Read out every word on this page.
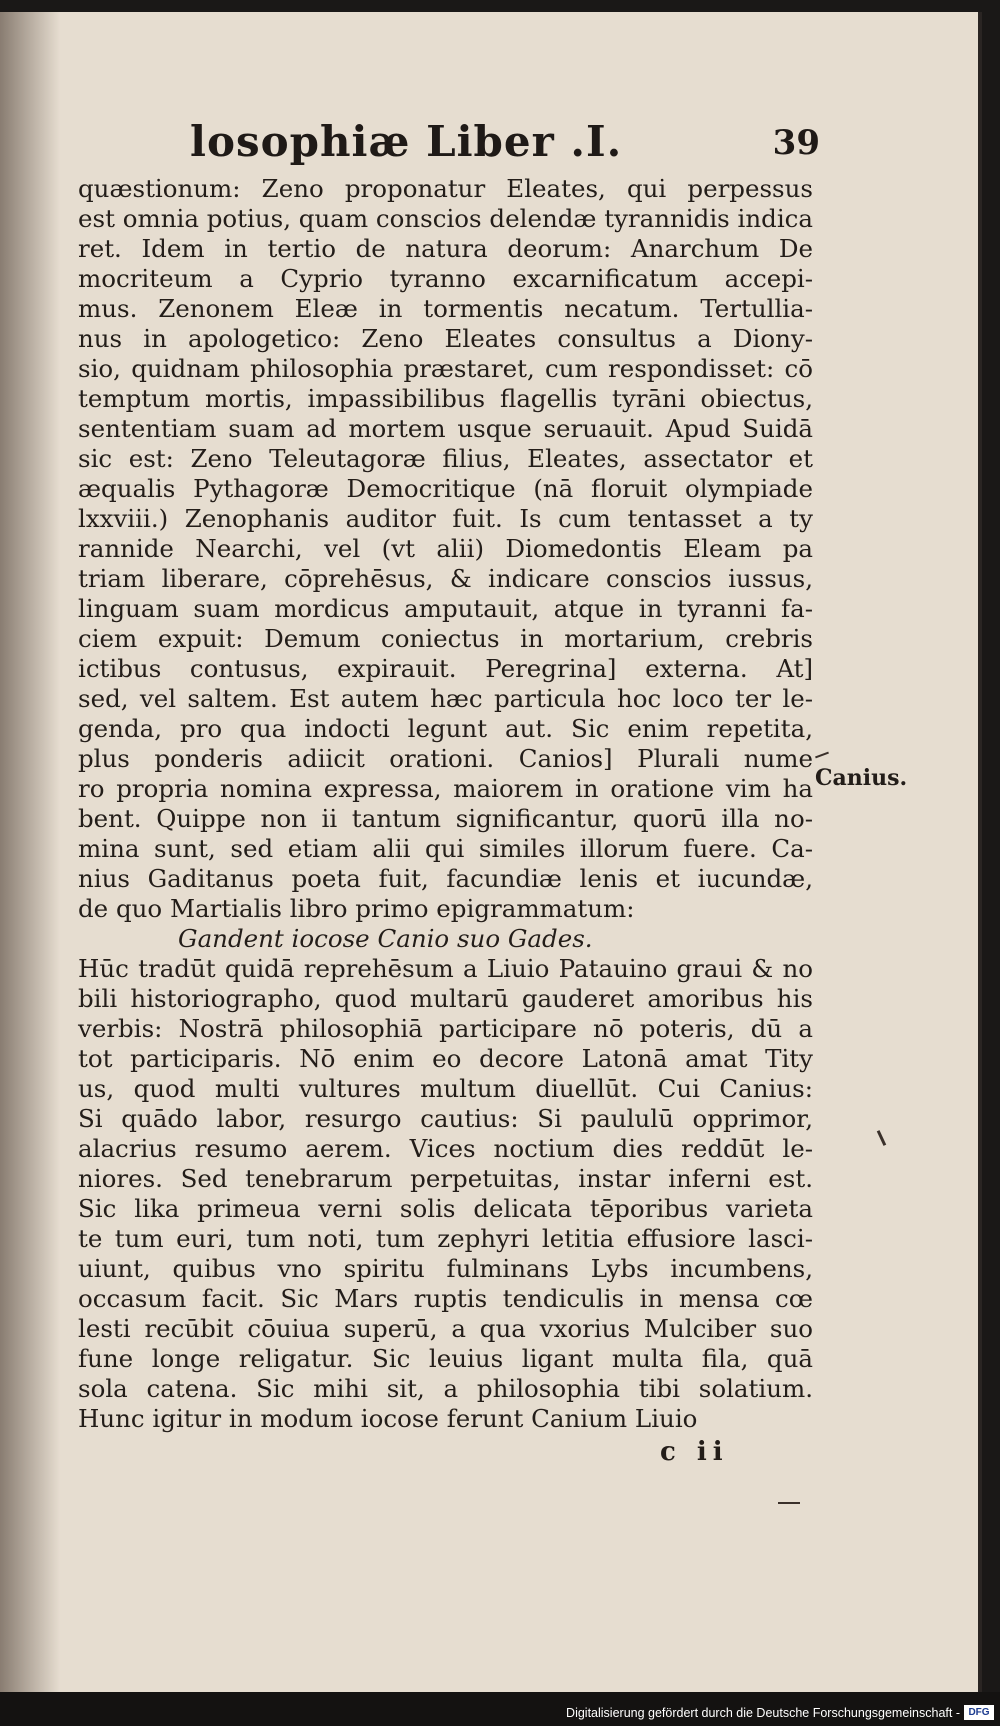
losophiæ Liber .I.	39
quæstionum: Zeno proponatur Eleates, qui perpessus
est omnia potius, quam conscios delendæ tyrannidis indica
ret. Idem in tertio de natura deorum: Anarchum De
mocriteum a Cyprio tyranno excarnificatum accepi-
mus. Zenonem Eleæ in tormentis necatum. Tertullia-
nus in apologetico: Zeno Eleates consultus a Diony-
sio, quidnam philosophia præstaret, cum respondisset: cō
temptum mortis, impassibilibus flagellis tyrāni obiectus,
sententiam suam ad mortem usque seruauit. Apud Suidā
sic est: Zeno Teleutagoræ filius, Eleates, assectator et
æqualis Pythagoræ Democritique (nā floruit olympiade
lxxviii.) Zenophanis auditor fuit. Is cum tentasset a ty
rannide Nearchi, vel (vt alii) Diomedontis Eleam pa
triam liberare, cōprehēsus, & indicare conscios iussus,
linguam suam mordicus amputauit, atque in tyranni fa-
ciem expuit: Demum coniectus in mortarium, crebris
ictibus contusus, expirauit. Peregrina] externa. At]
sed, vel saltem. Est autem hæc particula hoc loco ter le-
genda, pro qua indocti legunt aut. Sic enim repetita,
plus ponderis adiicit orationi. Canios] Plurali nume
ro propria nomina expressa, maiorem in oratione vim ha
bent. Quippe non ii tantum significantur, quorū illa no-
mina sunt, sed etiam alii qui similes illorum fuere. Ca-
nius Gaditanus poeta fuit, facundiæ lenis et iucundæ,
de quo Martialis libro primo epigrammatum:
Gandent iocose Canio suo Gades.
Hūc tradūt quidā reprehēsum a Liuio Patauino graui & no
bili historiographo, quod multarū gauderet amoribus his
verbis: Nostrā philosophiā participare nō poteris, dū a
tot participaris. Nō enim eo decore Latonā amat Tity
us, quod multi vultures multum diuellūt. Cui Canius:
Si quādo labor, resurgo cautius: Si paululū opprimor,
alacrius resumo aerem. Vices noctium dies reddūt le-
niores. Sed tenebrarum perpetuitas, instar inferni est.
Sic lika primeua verni solis delicata tēporibus varieta
te tum euri, tum noti, tum zephyri letitia effusiore lasci-
uiunt, quibus vno spiritu fulminans Lybs incumbens,
occasum facit. Sic Mars ruptis tendiculis in mensa cœ
lesti recūbit cōuiua superū, a qua vxorius Mulciber suo
fune longe religatur. Sic leuius ligant multa fila, quā
sola catena. Sic mihi sit, a philosophia tibi solatium.
Hunc igitur in modum iocose ferunt Canium Liuio
Canius.
c ii
Digitalisierung gefördert durch die Deutsche Forschungsgemeinschaft - DFG
